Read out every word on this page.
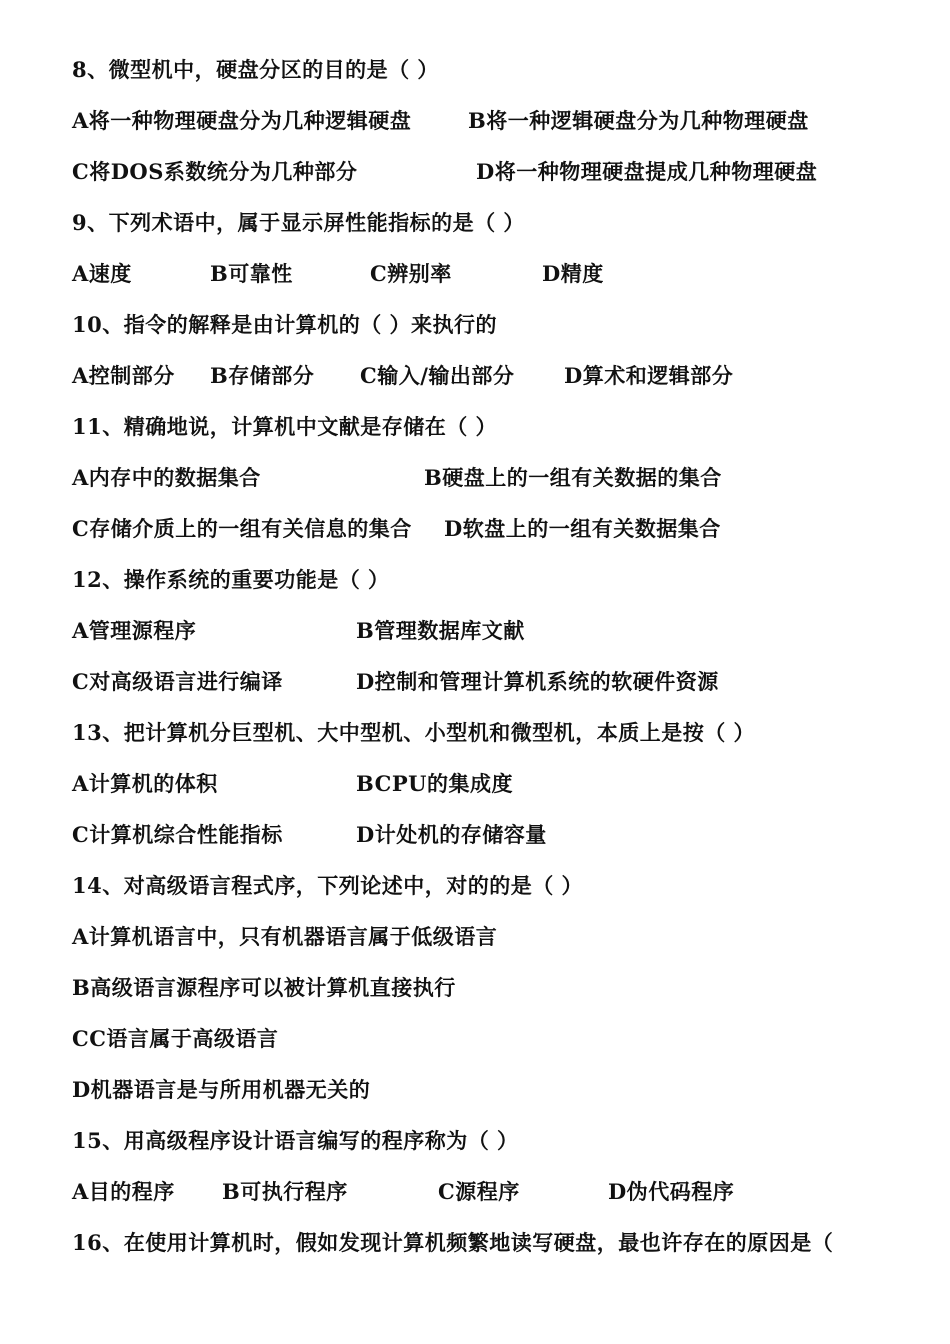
8、微型机中，硬盘分区的目的是（ ）
A将一种物理硬盘分为几种逻辑硬盘	B将一种逻辑硬盘分为几种物理硬盘
C将DOS系数统分为几种部分	D将一种物理硬盘提成几种物理硬盘
9、下列术语中，属于显示屏性能指标的是（ ）
A速度	B可靠性	C辨别率	D精度
10、指令的解释是由计算机的（ ）来执行的
A控制部分 B存储部分 C输入/输出部分 D算术和逻辑部分
11、精确地说，计算机中文献是存储在（ ）
A内存中的数据集合	B硬盘上的一组有关数据的集合
C存储介质上的一组有关信息的集合 D软盘上的一组有关数据集合
12、操作系统的重要功能是（ ）
A管理源程序	B管理数据库文献
C对高级语言进行编译	D控制和管理计算机系统的软硬件资源
13、把计算机分巨型机、大中型机、小型机和微型机，本质上是按（ ）
A计算机的体积	BCPU的集成度
C计算机综合性能指标	D计处机的存储容量
14、对高级语言程式序，下列论述中，对的的是（ ）
A计算机语言中，只有机器语言属于低级语言
B高级语言源程序可以被计算机直接执行
CC语言属于高级语言
D机器语言是与所用机器无关的
15、用高级程序设计语言编写的程序称为（ ）
A目的程序 B可执行程序	C源程序	D伪代码程序
16、在使用计算机时，假如发现计算机频繁地读写硬盘，最也许存在的原因是（
